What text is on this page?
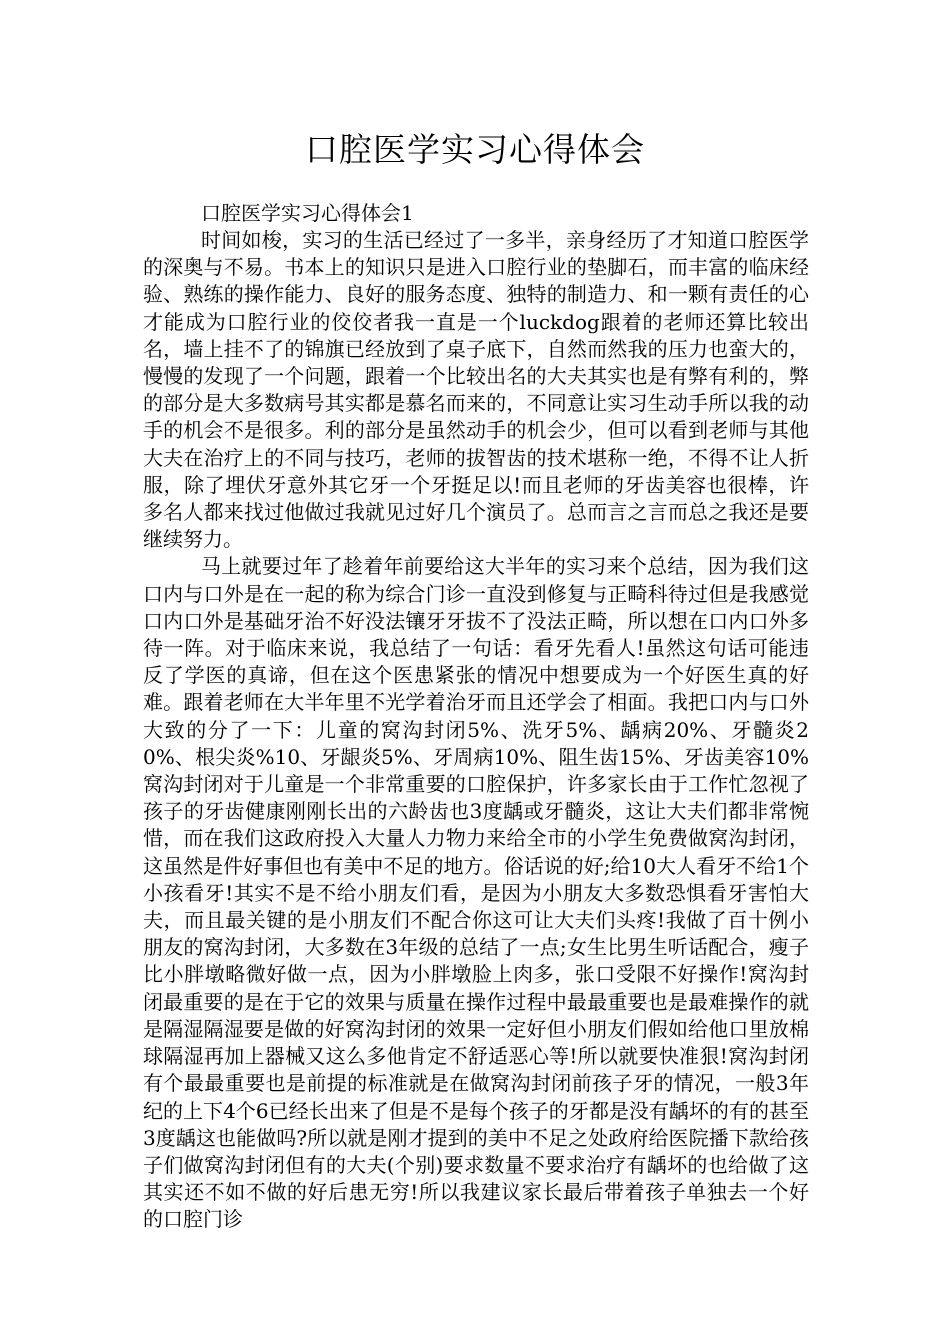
口腔医学实习心得体会

口腔医学实习心得体会1

时间如梭，实习的生活已经过了一多半，亲身经历了才知道口腔医学的深奥与不易。书本上的知识只是进入口腔行业的垫脚石，而丰富的临床经验、熟练的操作能力、良好的服务态度、独特的制造力、和一颗有责任的心才能成为口腔行业的佼佼者我一直是一个luckdog跟着的老师还算比较出名，墙上挂不了的锦旗已经放到了桌子底下，自然而然我的压力也蛮大的，慢慢的发现了一个问题，跟着一个比较出名的大夫其实也是有弊有利的，弊的部分是大多数病号其实都是慕名而来的，不同意让实习生动手所以我的动手的机会不是很多。利的部分是虽然动手的机会少，但可以看到老师与其他大夫在治疗上的不同与技巧，老师的拔智齿的技术堪称一绝，不得不让人折服，除了埋伏牙意外其它牙一个牙挺足以!而且老师的牙齿美容也很棒，许多名人都来找过他做过我就见过好几个演员了。总而言之言而总之我还是要继续努力。

马上就要过年了趁着年前要给这大半年的实习来个总结，因为我们这口内与口外是在一起的称为综合门诊一直没到修复与正畸科待过但是我感觉口内口外是基础牙治不好没法镶牙牙拔不了没法正畸，所以想在口内口外多待一阵。对于临床来说，我总结了一句话：看牙先看人!虽然这句话可能违反了学医的真谛，但在这个医患紧张的情况中想要成为一个好医生真的好难。跟着老师在大半年里不光学着治牙而且还学会了相面。我把口内与口外大致的分了一下：儿童的窝沟封闭5%、洗牙5%、龋病20%、牙髓炎20%、根尖炎%10、牙龈炎5%、牙周病10%、阻生齿15%、牙齿美容10%窝沟封闭对于儿童是一个非常重要的口腔保护，许多家长由于工作忙忽视了孩子的牙齿健康刚刚长出的六龄齿也3度龋或牙髓炎，这让大夫们都非常惋惜，而在我们这政府投入大量人力物力来给全市的小学生免费做窝沟封闭，这虽然是件好事但也有美中不足的地方。俗话说的好;给10大人看牙不给1个小孩看牙!其实不是不给小朋友们看，是因为小朋友大多数恐惧看牙害怕大夫，而且最关键的是小朋友们不配合你这可让大夫们头疼!我做了百十例小朋友的窝沟封闭，大多数在3年级的总结了一点;女生比男生听话配合，瘦子比小胖墩略微好做一点，因为小胖墩脸上肉多，张口受限不好操作!窝沟封闭最重要的是在于它的效果与质量在操作过程中最最重要也是最难操作的就是隔湿隔湿要是做的好窝沟封闭的效果一定好但小朋友们假如给他口里放棉球隔湿再加上器械又这么多他肯定不舒适恶心等!所以就要快准狠!窝沟封闭有个最最重要也是前提的标准就是在做窝沟封闭前孩子牙的情况，一般3年纪的上下4个6已经长出来了但是不是每个孩子的牙都是没有龋坏的有的甚至3度龋这也能做吗?所以就是刚才提到的美中不足之处政府给医院播下款给孩子们做窝沟封闭但有的大夫(个别)要求数量不要求治疗有龋坏的也给做了这其实还不如不做的好后患无穷!所以我建议家长最后带着孩子单独去一个好的口腔门诊
